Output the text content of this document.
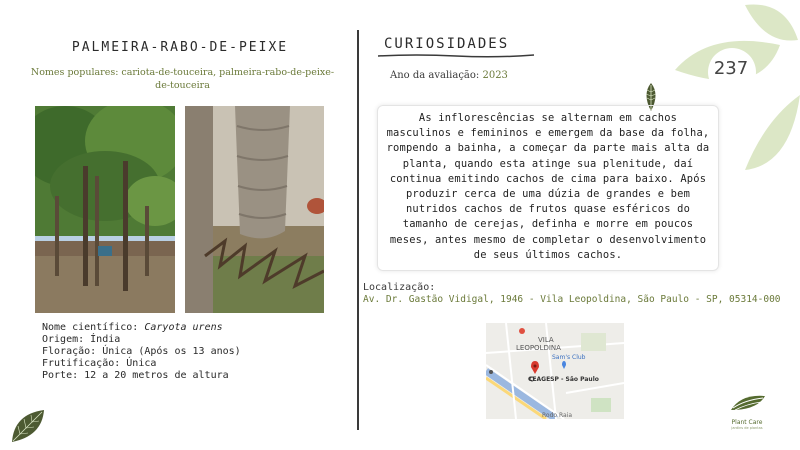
PALMEIRA-RABO-DE-PEIXE
Nomes populares: cariota-de-touceira, palmeira-rabo-de-peixe-de-touceira
Nome científico: Caryota urens
Origem: Índia
Floração: Única (Após os 13 anos)
Frutificação: Única
Porte: 12 a 20 metros de altura
CURIOSIDADES
Ano da avaliação: 2023
As inflorescências se alternam em cachos masculinos e femininos e emergem da base da folha, rompendo a bainha, a começar da parte mais alta da planta, quando esta atinge sua plenitude, daí continua emitindo cachos de cima para baixo. Após produzir cerca de uma dúzia de grandes e bem nutridos cachos de frutos quase esféricos do tamanho de cerejas, definha e morre em poucos meses, antes mesmo de completar o desenvolvimento de seus últimos cachos.
Localização:
Av. Dr. Gastão Vidigal, 1946 - Vila Leopoldina, São Paulo - SP, 05314-000
VILA
LEOPOLDINA
Sam's Club
CEAGESP - São Paulo
Rodo Raia
237
Plant Care
jardins de plantas
